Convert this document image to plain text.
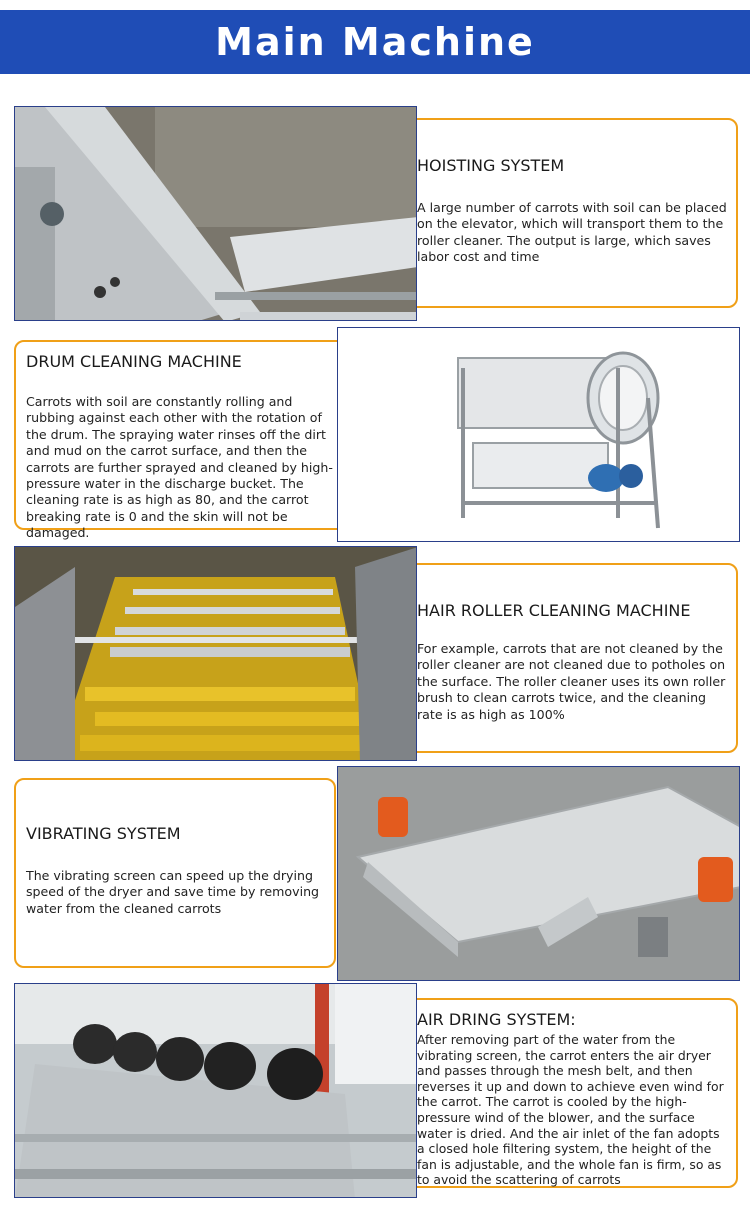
Main Machine
HOISTING SYSTEM
A large number of carrots with soil can be placed on the elevator, which will transport them to the roller cleaner. The output is large, which saves labor cost and time
DRUM CLEANING MACHINE
Carrots with soil are constantly rolling and rubbing against each other with the rotation of the drum. The spraying water rinses off the dirt and mud on the carrot surface, and then the carrots are further sprayed and cleaned by high-pressure water in the discharge bucket. The cleaning rate is as high as 80, and the carrot breaking rate is 0 and the skin will not be damaged.
HAIR ROLLER CLEANING MACHINE
For example, carrots that are not cleaned by the roller cleaner are not cleaned due to potholes on the surface. The roller cleaner uses its own roller brush to clean carrots twice, and the cleaning rate is as high as 100%
VIBRATING SYSTEM
The vibrating screen can speed up the drying speed of the dryer and save time by removing water from the cleaned carrots
AIR DRING SYSTEM:
After removing part of the water from the vibrating screen, the carrot enters the air dryer and passes through the mesh belt, and then reverses it up and down to achieve even wind for the carrot. The carrot is cooled by the high-pressure wind of the blower, and the surface water is dried. And the air inlet of the fan adopts a closed hole filtering system, the height of the fan is adjustable, and the whole fan is firm, so as to avoid the scattering of carrots
